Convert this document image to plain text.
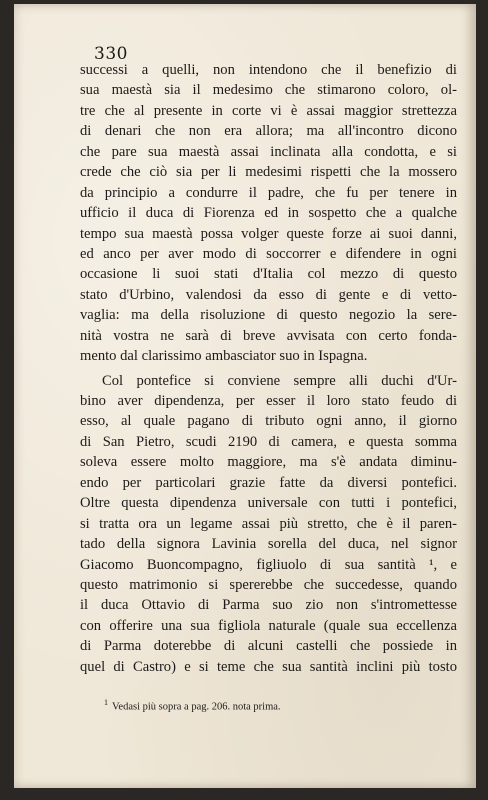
330
successi a quelli, non intendono che il benefizio di
sua maestà sia il medesimo che stimarono coloro, ol-
tre che al presente in corte vi è assai maggior strettezza
di denari che non era allora; ma all'incontro dicono
che pare sua maestà assai inclinata alla condotta, e si
crede che ciò sia per li medesimi rispetti che la mossero
da principio a condurre il padre, che fu per tenere in
ufficio il duca di Fiorenza ed in sospetto che a qualche
tempo sua maestà possa volger queste forze ai suoi danni,
ed anco per aver modo di soccorrer e difendere in ogni
occasione li suoi stati d'Italia col mezzo di questo
stato d'Urbino, valendosi da esso di gente e di vetto-
vaglia: ma della risoluzione di questo negozio la sere-
nità vostra ne sarà di breve avvisata con certo fonda-
mento dal clarissimo ambasciator suo in Ispagna.
Col pontefice si conviene sempre alli duchi d'Ur-
bino aver dipendenza, per esser il loro stato feudo di
esso, al quale pagano di tributo ogni anno, il giorno
di San Pietro, scudi 2190 di camera, e questa somma
soleva essere molto maggiore, ma s'è andata diminu-
endo per particolari grazie fatte da diversi pontefici.
Oltre questa dipendenza universale con tutti i pontefici,
si tratta ora un legame assai più stretto, che è il paren-
tado della signora Lavinia sorella del duca, nel signor
Giacomo Buoncompagno, figliuolo di sua santità ¹, e
questo matrimonio si spererebbe che succedesse, quando
il duca Ottavio di Parma suo zio non s'intromettesse
con offerire una sua figliola naturale (quale sua eccellenza
di Parma doterebbe di alcuni castelli che possiede in
quel di Castro) e si teme che sua santità inclini più tosto
$^1$ Vedasi più sopra a pag. 206. nota prima.
